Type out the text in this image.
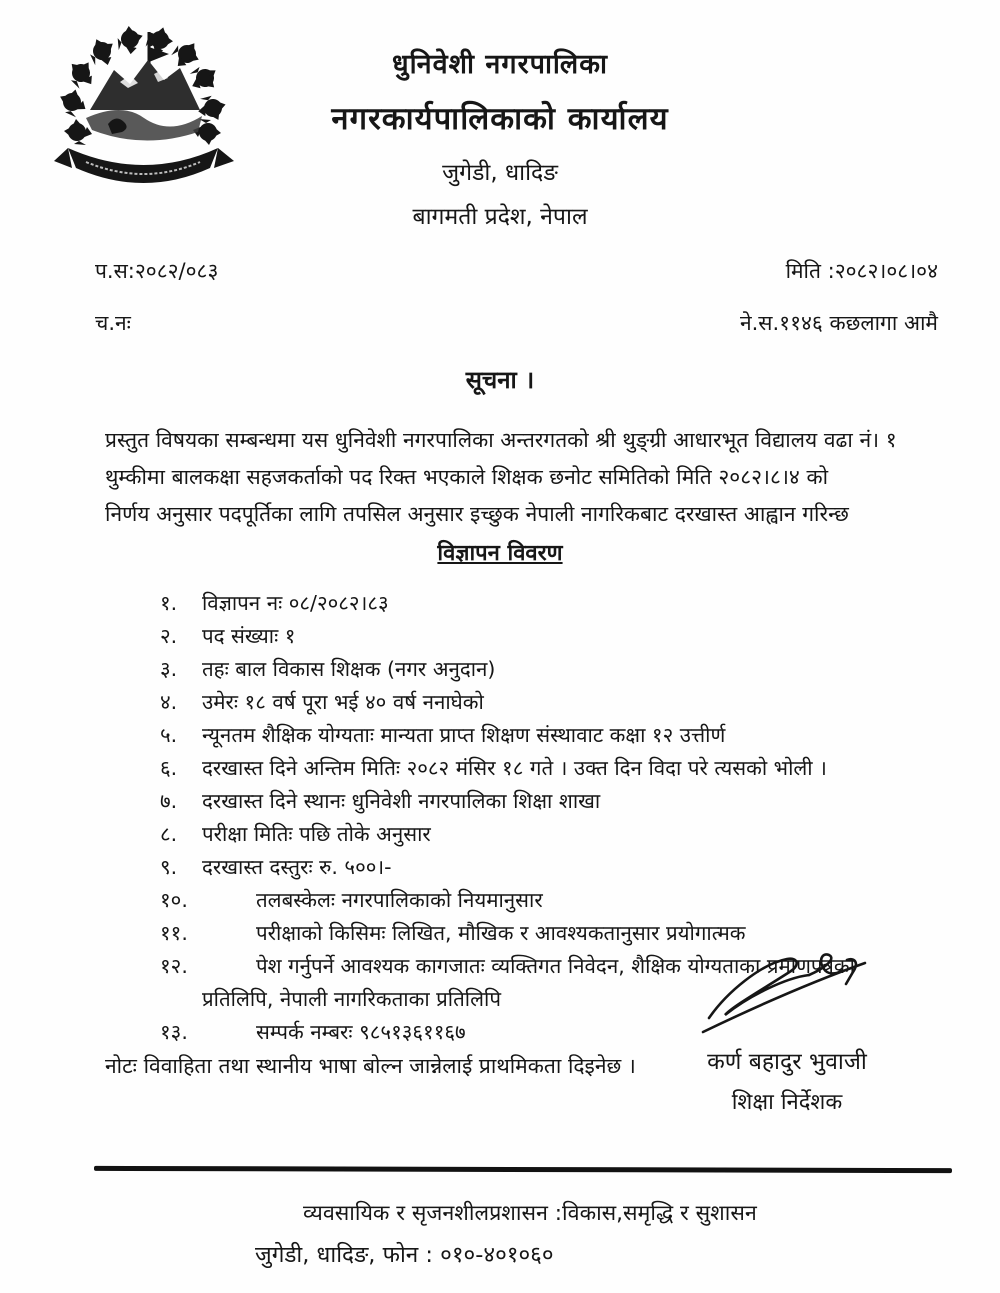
धुनिवेशी नगरपालिका
नगरकार्यपालिकाको कार्यालय
जुगेडी, धादिङ
बागमती प्रदेश, नेपाल
प.स:२०८२/०८३	मिति :२०८२।०८।०४
च.नः	ने.स.११४६ कछलागा आमै
सूचना ।
प्रस्तुत विषयका सम्बन्धमा यस धुनिवेशी नगरपालिका अन्तरगतको श्री थुङ्ग्री आधारभूत विद्यालय वढा नं। १
थुम्कीमा बालकक्षा सहजकर्ताको पद रिक्त भएकाले शिक्षक छनोट समितिको मिति २०८२।८।४ को
निर्णय अनुसार पदपूर्तिका लागि तपसिल अनुसार इच्छुक नेपाली नागरिकबाट दरखास्त आह्वान गरिन्छ
विज्ञापन विवरण
१.	विज्ञापन नः ०८/२०८२।८३
२.	पद संख्याः १
३.	तहः बाल विकास शिक्षक (नगर अनुदान)
४.	उमेरः १८ वर्ष पूरा भई ४० वर्ष ननाघेको
५.	न्यूनतम शैक्षिक योग्यताः मान्यता प्राप्त शिक्षण संस्थावाट कक्षा १२ उत्तीर्ण
६.	दरखास्त दिने अन्तिम मितिः २०८२ मंसिर १८ गते । उक्त दिन विदा परे त्यसको भोली ।
७.	दरखास्त दिने स्थानः धुनिवेशी नगरपालिका शिक्षा शाखा
८.	परीक्षा मितिः पछि तोके अनुसार
९.	दरखास्त दस्तुरः रु. ५००।-
१०.	तलबस्केलः नगरपालिकाको नियमानुसार
११.	परीक्षाको किसिमः लिखित, मौखिक र आवश्यकतानुसार प्रयोगात्मक
१२.	पेश गर्नुपर्ने आवश्यक कागजातः व्यक्तिगत निवेदन, शैक्षिक योग्यताका प्रमाणपत्रका
प्रतिलिपि, नेपाली नागरिकताका प्रतिलिपि
१३.	सम्पर्क नम्बरः ९८५१३६११६७
नोटः विवाहिता तथा स्थानीय भाषा बोल्न जान्नेलाई प्राथमिकता दिइनेछ ।	कर्ण बहादुर भुवाजी
शिक्षा निर्देशक
व्यवसायिक र सृजनशीलप्रशासन :विकास,समृद्धि र सुशासन
जुगेडी, धादिङ, फोन : ०१०-४०१०६०
